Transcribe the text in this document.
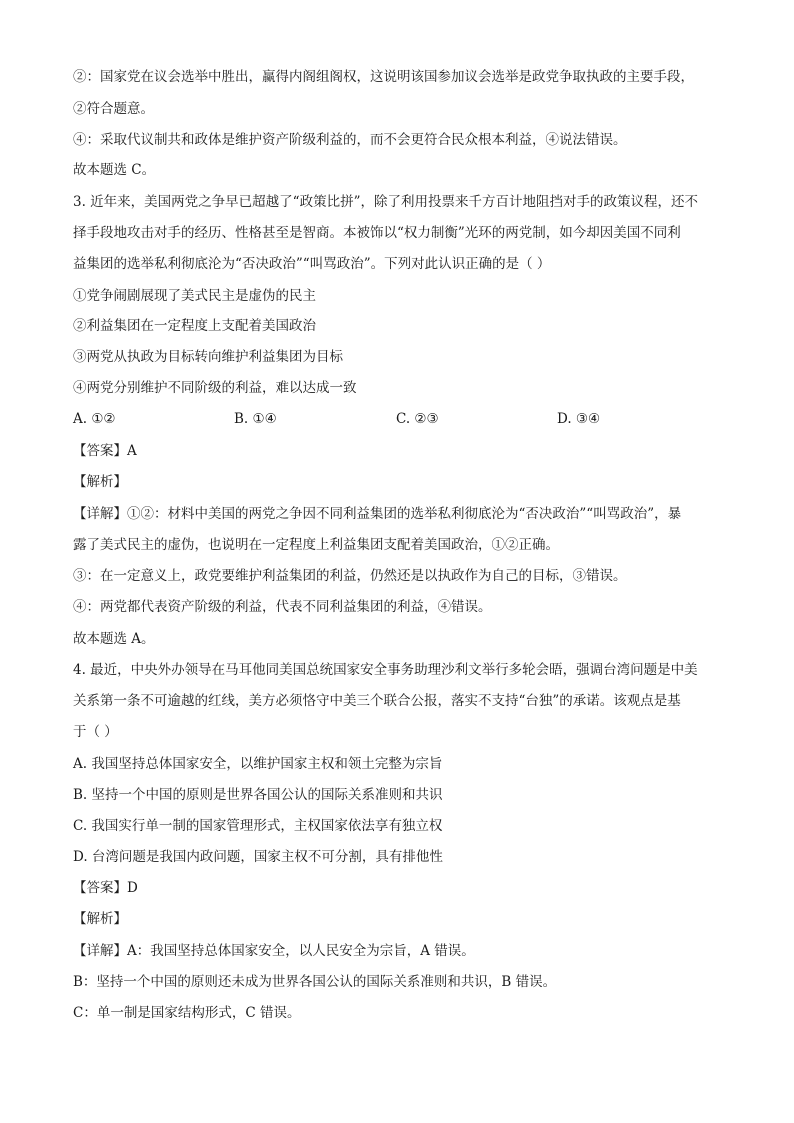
②：国家党在议会选举中胜出，赢得内阁组阁权，这说明该国参加议会选举是政党争取执政的主要手段，
②符合题意。
④：采取代议制共和政体是维护资产阶级利益的，而不会更符合民众根本利益，④说法错误。
故本题选 C。
3. 近年来，美国两党之争早已超越了“政策比拼”，除了利用投票来千方百计地阻挡对手的政策议程，还不
择手段地攻击对手的经历、性格甚至是智商。本被饰以“权力制衡”光环的两党制，如今却因美国不同利
益集团的选举私利彻底沦为“否决政治”“叫骂政治”。下列对此认识正确的是（ ）
①党争闹剧展现了美式民主是虚伪的民主
②利益集团在一定程度上支配着美国政治
③两党从执政为目标转向维护利益集团为目标
④两党分别维护不同阶级的利益，难以达成一致
A. ①②	B. ①④	C. ②③	D. ③④
【答案】A
【解析】
【详解】①②：材料中美国的两党之争因不同利益集团的选举私利彻底沦为“否决政治”“叫骂政治”，暴
露了美式民主的虚伪，也说明在一定程度上利益集团支配着美国政治，①②正确。
③：在一定意义上，政党要维护利益集团的利益，仍然还是以执政作为自己的目标，③错误。
④：两党都代表资产阶级的利益，代表不同利益集团的利益，④错误。
故本题选 A。
4. 最近，中央外办领导在马耳他同美国总统国家安全事务助理沙利文举行多轮会晤，强调台湾问题是中美
关系第一条不可逾越的红线，美方必须恪守中美三个联合公报，落实不支持“台独”的承诺。该观点是基
于（ ）
A. 我国坚持总体国家安全，以维护国家主权和领土完整为宗旨
B. 坚持一个中国的原则是世界各国公认的国际关系准则和共识
C. 我国实行单一制的国家管理形式，主权国家依法享有独立权
D. 台湾问题是我国内政问题，国家主权不可分割，具有排他性
【答案】D
【解析】
【详解】A：我国坚持总体国家安全，以人民安全为宗旨，A 错误。
B：坚持一个中国的原则还未成为世界各国公认的国际关系准则和共识，B 错误。
C：单一制是国家结构形式，C 错误。
